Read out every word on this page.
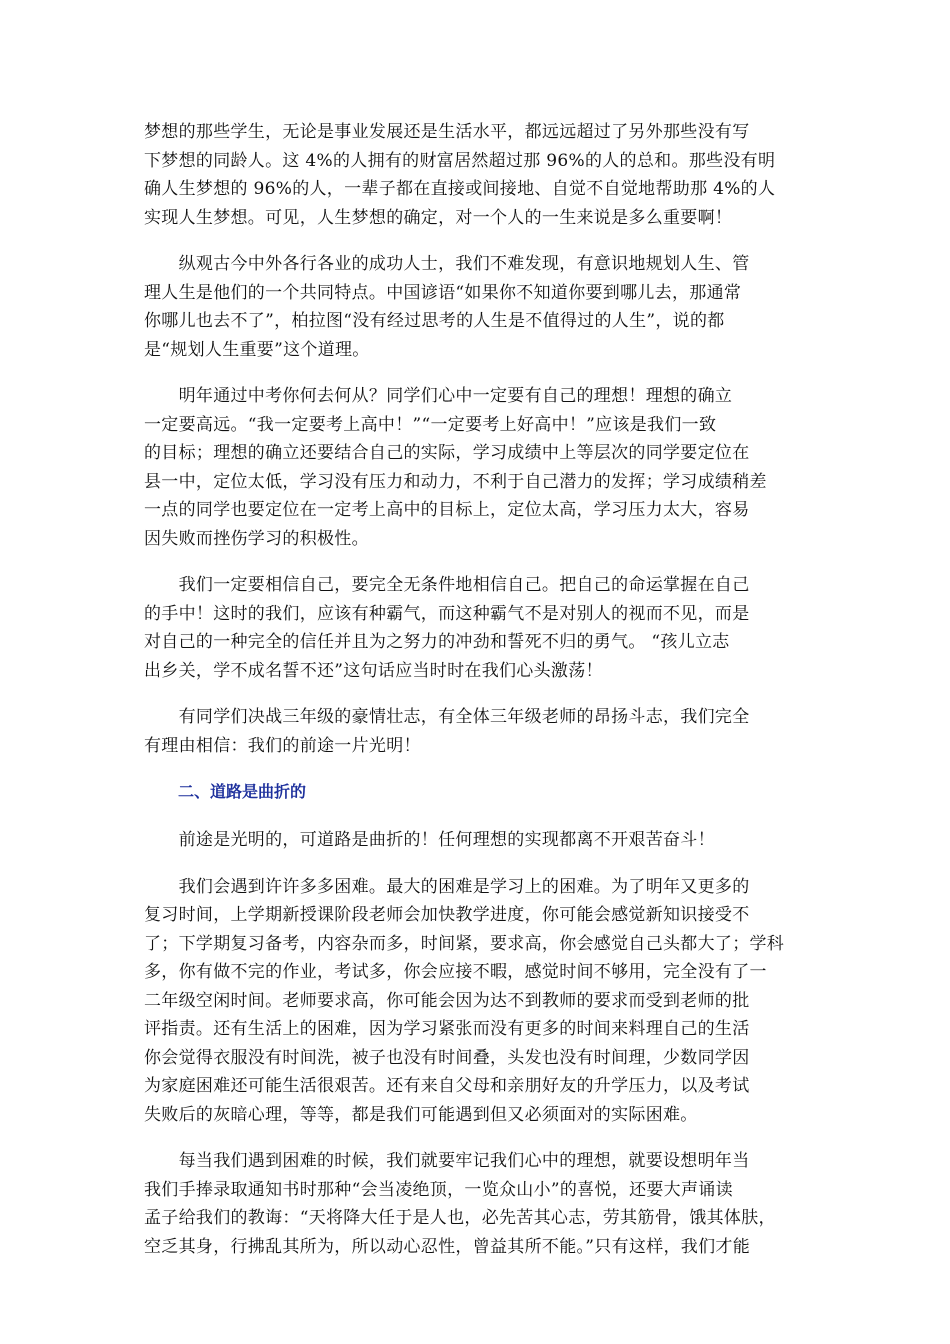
梦想的那些学生，无论是事业发展还是生活水平，都远远超过了另外那些没有写
下梦想的同龄人。这 4%的人拥有的财富居然超过那 96%的人的总和。那些没有明
确人生梦想的 96%的人，一辈子都在直接或间接地、自觉不自觉地帮助那 4%的人
实现人生梦想。可见，人生梦想的确定，对一个人的一生来说是多么重要啊！
　　纵观古今中外各行各业的成功人士，我们不难发现，有意识地规划人生、管
理人生是他们的一个共同特点。中国谚语“如果你不知道你要到哪儿去，那通常
你哪儿也去不了”，柏拉图“没有经过思考的人生是不值得过的人生”，说的都
是“规划人生重要”这个道理。
　　明年通过中考你何去何从？同学们心中一定要有自己的理想！理想的确立
一定要高远。“我一定要考上高中！”“一定要考上好高中！”应该是我们一致
的目标；理想的确立还要结合自己的实际，学习成绩中上等层次的同学要定位在
县一中，定位太低，学习没有压力和动力，不利于自己潜力的发挥；学习成绩稍差
一点的同学也要定位在一定考上高中的目标上，定位太高，学习压力太大，容易
因失败而挫伤学习的积极性。
　　我们一定要相信自己，要完全无条件地相信自己。把自己的命运掌握在自己
的手中！这时的我们，应该有种霸气，而这种霸气不是对别人的视而不见，而是
对自己的一种完全的信任并且为之努力的冲劲和誓死不归的勇气。 “孩儿立志
出乡关，学不成名誓不还”这句话应当时时在我们心头激荡！
　　有同学们决战三年级的豪情壮志，有全体三年级老师的昂扬斗志，我们完全
有理由相信：我们的前途一片光明！
二、道路是曲折的
　　前途是光明的，可道路是曲折的！任何理想的实现都离不开艰苦奋斗！
　　我们会遇到许许多多困难。最大的困难是学习上的困难。为了明年又更多的
复习时间，上学期新授课阶段老师会加快教学进度，你可能会感觉新知识接受不
了；下学期复习备考，内容杂而多，时间紧，要求高，你会感觉自己头都大了；学科
多，你有做不完的作业，考试多，你会应接不暇，感觉时间不够用，完全没有了一
二年级空闲时间。老师要求高，你可能会因为达不到教师的要求而受到老师的批
评指责。还有生活上的困难，因为学习紧张而没有更多的时间来料理自己的生活
你会觉得衣服没有时间洗，被子也没有时间叠，头发也没有时间理，少数同学因
为家庭困难还可能生活很艰苦。还有来自父母和亲朋好友的升学压力，以及考试
失败后的灰暗心理，等等，都是我们可能遇到但又必须面对的实际困难。
　　每当我们遇到困难的时候，我们就要牢记我们心中的理想，就要设想明年当
我们手捧录取通知书时那种“会当凌绝顶，一览众山小”的喜悦，还要大声诵读
孟子给我们的教诲：“天将降大任于是人也，必先苦其心志，劳其筋骨，饿其体肤，
空乏其身，行拂乱其所为，所以动心忍性，曾益其所不能。”只有这样，我们才能
